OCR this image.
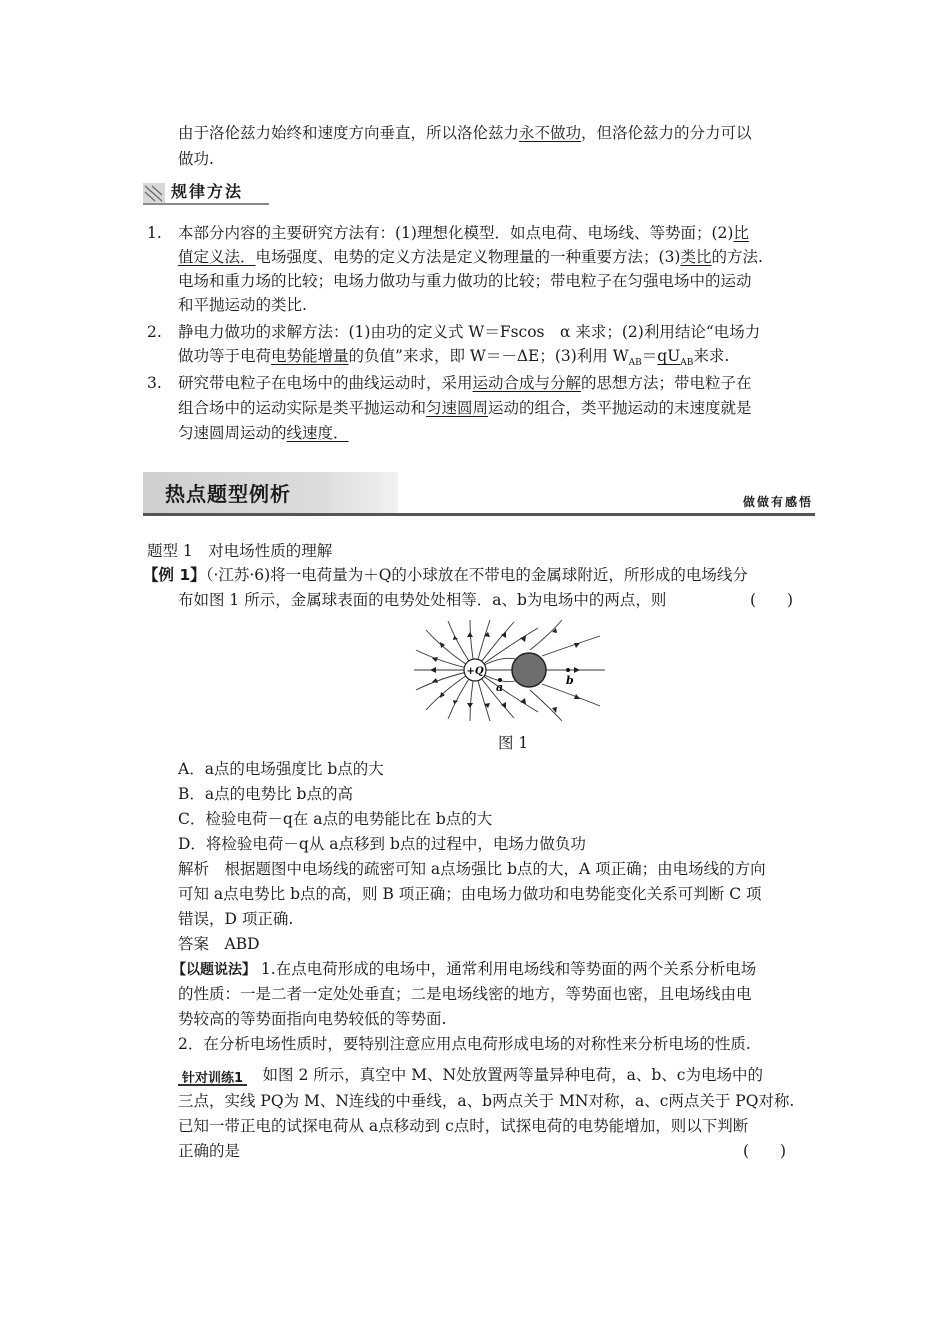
由于洛伦兹力始终和速度方向垂直，所以洛伦兹力永不做功，但洛伦兹力的分力可以
做功.
规律方法
1. 本部分内容的主要研究方法有：(1)理想化模型．如点电荷、电场线、等势面；(2)比
值定义法．电场强度、电势的定义方法是定义物理量的一种重要方法；(3)类比的方法.
电场和重力场的比较；电场力做功与重力做功的比较；带电粒子在匀强电场中的运动
和平抛运动的类比.
2. 静电力做功的求解方法：(1)由功的定义式 W＝Fscos　α 来求；(2)利用结论“电场力
做功等于电荷电势能增量的负值”来求，即 W＝－ΔE；(3)利用 $W_{AB}=qU_{AB}$来求.
3. 研究带电粒子在电场中的曲线运动时，采用运动合成与分解的思想方法；带电粒子在
组合场中的运动实际是类平抛运动和匀速圆周运动的组合，类平抛运动的末速度就是
匀速圆周运动的线速度．
热点题型例析	做做有感悟
题型 1　对电场性质的理解
【例 1】（·江苏·6)将一电荷量为＋Q的小球放在不带电的金属球附近，所形成的电场线分
布如图 1 所示，金属球表面的电势处处相等．a、b为电场中的两点，则	(　　)
+Q
a
b
图 1
A．a点的电场强度比 b点的大
B．a点的电势比 b点的高
C．检验电荷－q在 a点的电势能比在 b点的大
D．将检验电荷－q从 a点移到 b点的过程中，电场力做负功
解析　根据题图中电场线的疏密可知 a点场强比 b点的大，A 项正确；由电场线的方向
可知 a点电势比 b点的高，则 B 项正确；由电场力做功和电势能变化关系可判断 C 项
错误，D 项正确.
答案　ABD
【以题说法】 1.在点电荷形成的电场中，通常利用电场线和等势面的两个关系分析电场
的性质：一是二者一定处处垂直；二是电场线密的地方，等势面也密，且电场线由电
势较高的等势面指向电势较低的等势面.
2．在分析电场性质时，要特别注意应用点电荷形成电场的对称性来分析电场的性质.
针对训练1　如图 2 所示，真空中 M、N处放置两等量异种电荷，a、b、c为电场中的
三点，实线 PQ为 M、N连线的中垂线，a、b两点关于 MN对称，a、c两点关于 PQ对称.
已知一带正电的试探电荷从 a点移动到 c点时，试探电荷的电势能增加，则以下判断
正确的是	(　　)
